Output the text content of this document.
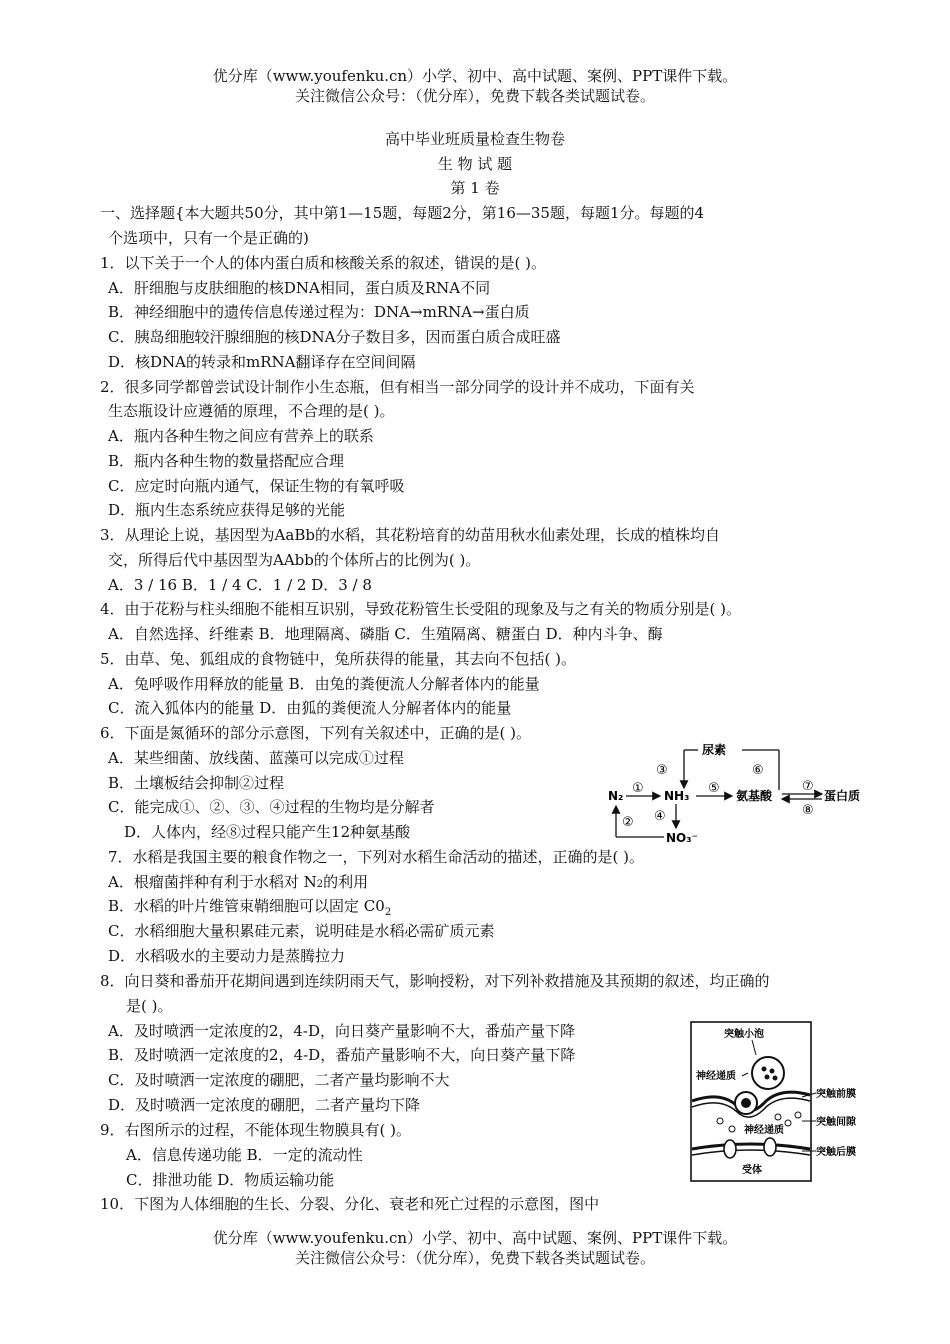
优分库（www.youfenku.cn）小学、初中、高中试题、案例、PPT课件下载。
关注微信公众号：（优分库），免费下载各类试题试卷。
高中毕业班质量检查生物卷
生 物 试 题
第 1 卷
一、选择题{本大题共50分，其中第1—15题，每题2分，第16—35题，每题1分。每题的4
个选项中，只有一个是正确的)
1．以下关于一个人的体内蛋白质和核酸关系的叙述，错误的是( )。
A．肝细胞与皮肤细胞的核DNA相同，蛋白质及RNA不同
B．神经细胞中的遗传信息传递过程为：DNA→mRNA→蛋白质
C．胰岛细胞较汗腺细胞的核DNA分子数目多，因而蛋白质合成旺盛
D．核DNA的转录和mRNA翻译存在空间间隔
2．很多同学都曾尝试设计制作小生态瓶，但有相当一部分同学的设计并不成功，下面有关
生态瓶设计应遵循的原理，不合理的是( )。
A．瓶内各种生物之间应有营养上的联系
B．瓶内各种生物的数量搭配应合理
C．应定时向瓶内通气，保证生物的有氧呼吸
D．瓶内生态系统应获得足够的光能
3．从理论上说，基因型为AaBb的水稻，其花粉培育的幼苗用秋水仙素处理，长成的植株均自
交，所得后代中基因型为AAbb的个体所占的比例为( )。
A．3 / 16 B．1 / 4 C．1 / 2 D．3 / 8
4．由于花粉与柱头细胞不能相互识别，导致花粉管生长受阻的现象及与之有关的物质分别是( )。
A．自然选择、纤维素 B．地理隔离、磷脂 C．生殖隔离、糖蛋白 D．种内斗争、酶
5．由草、兔、狐组成的食物链中，兔所获得的能量，其去向不包括( )。
A．兔呼吸作用释放的能量 B．由兔的粪便流人分解者体内的能量
C．流入狐体内的能量 D．由狐的粪便流人分解者体内的能量
6．下面是氮循环的部分示意图，下列有关叙述中，正确的是( )。
A．某些细菌、放线菌、蓝藻可以完成①过程
B．土壤板结会抑制②过程
C．能完成①、②、③、④过程的生物均是分解者
D．人体内，经⑧过程只能产生12种氨基酸
尿素
③	⑥
N₂ ① NH₃ ⑤ 氨基酸
⑦
⑧
蛋白质
④
NO₃⁻
②
7．水稻是我国主要的粮食作物之一，下列对水稻生命活动的描述，正确的是( )。
A．根瘤菌拌种有利于水稻对 N2的利用
B．水稻的叶片维管束鞘细胞可以固定 $C0_2$
C．水稻细胞大量积累硅元素，说明硅是水稻必需矿质元素
D．水稻吸水的主要动力是蒸腾拉力
8．向日葵和番茄开花期间遇到连续阴雨天气，影响授粉，对下列补救措施及其预期的叙述，均正确的
是( )。
A．及时喷洒一定浓度的2，4-D，向日葵产量影响不大，番茄产量下降
B．及时喷洒一定浓度的2，4-D，番茄产量影响不大，向日葵产量下降
C．及时喷洒一定浓度的硼肥，二者产量均影响不大
D．及时喷洒一定浓度的硼肥，二者产量均下降
9．右图所示的过程，不能体现生物膜具有( )。
A．信息传递功能 B．一定的流动性
C．排泄功能 D．物质运输功能
突触小泡
神经递质
神经递质
受体
突触前膜
突触间隙
突触后膜
10．下图为人体细胞的生长、分裂、分化、衰老和死亡过程的示意图，图中
优分库（www.youfenku.cn）小学、初中、高中试题、案例、PPT课件下载。
关注微信公众号：（优分库），免费下载各类试题试卷。
